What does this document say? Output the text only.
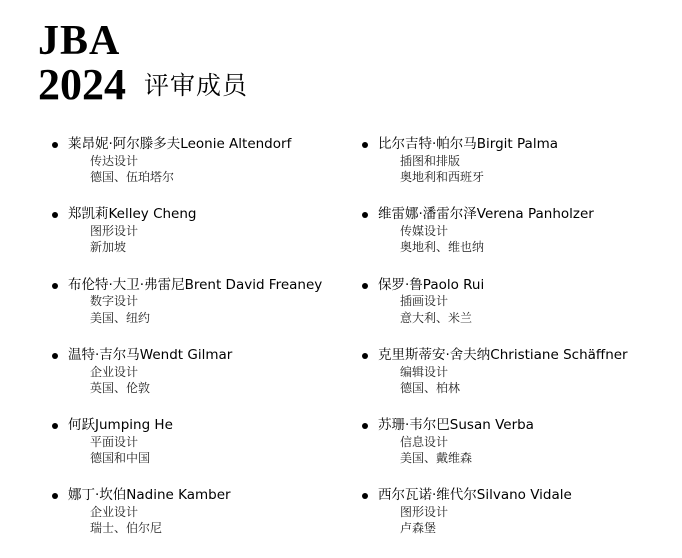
JBA
2024 评审成员
莱昂妮·阿尔滕多夫Leonie Altendorf
传达设计
德国、伍珀塔尔
郑凯莉Kelley Cheng
图形设计
新加坡
布伦特·大卫·弗雷尼Brent David Freaney
数字设计
美国、纽约
温特·吉尔马Wendt Gilmar
企业设计
英国、伦敦
何跃Jumping He
平面设计
德国和中国
娜丁·坎伯Nadine Kamber
企业设计
瑞士、伯尔尼
比尔吉特·帕尔马Birgit Palma
插图和排版
奥地利和西班牙
维雷娜·潘雷尔泽Verena Panholzer
传媒设计
奥地利、维也纳
保罗·鲁Paolo Rui
插画设计
意大利、米兰
克里斯蒂安·舍夫纳Christiane Schäffner
编辑设计
德国、柏林
苏珊·韦尔巴Susan Verba
信息设计
美国、戴维森
西尔瓦诺·维代尔Silvano Vidale
图形设计
卢森堡
